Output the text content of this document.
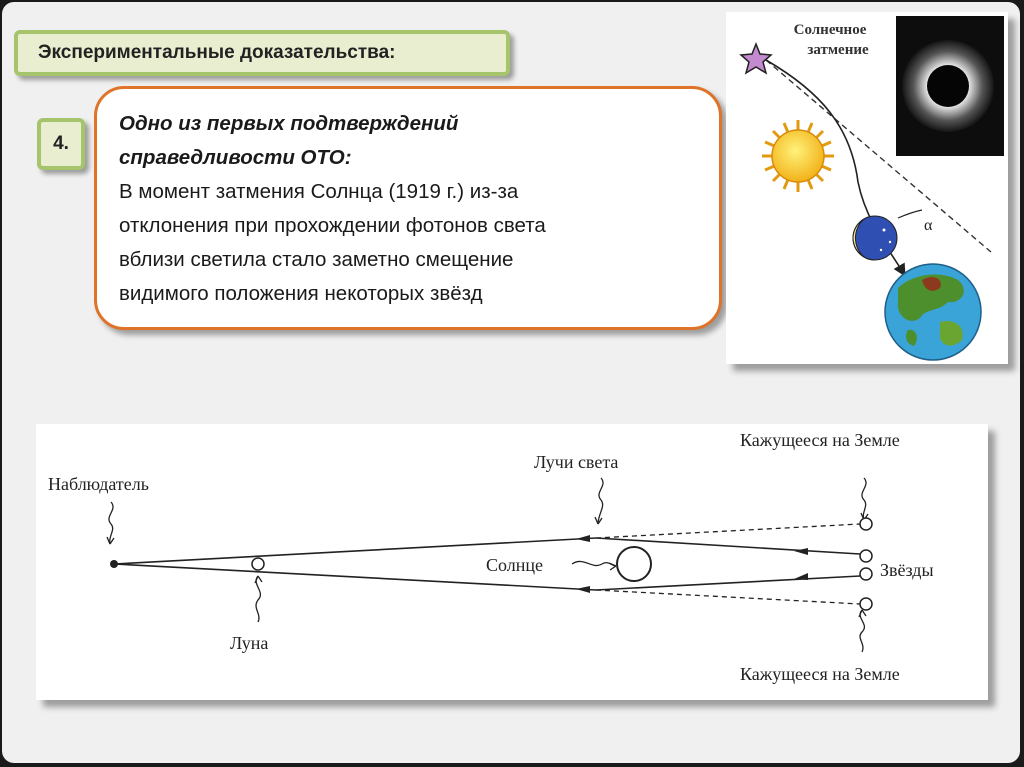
Экспериментальные доказательства:
4.
Одно из первых подтверждений
справедливости ОТО:
В момент затмения Солнца (1919 г.) из-за
отклонения при прохождении фотонов света
вблизи светила стало заметно смещение
видимого положения некоторых звёзд
Солнечное
затмение
α
Наблюдатель
Лучи света
Кажущееся на Земле
Солнце	Звёзды
Луна
Кажущееся на Земле
